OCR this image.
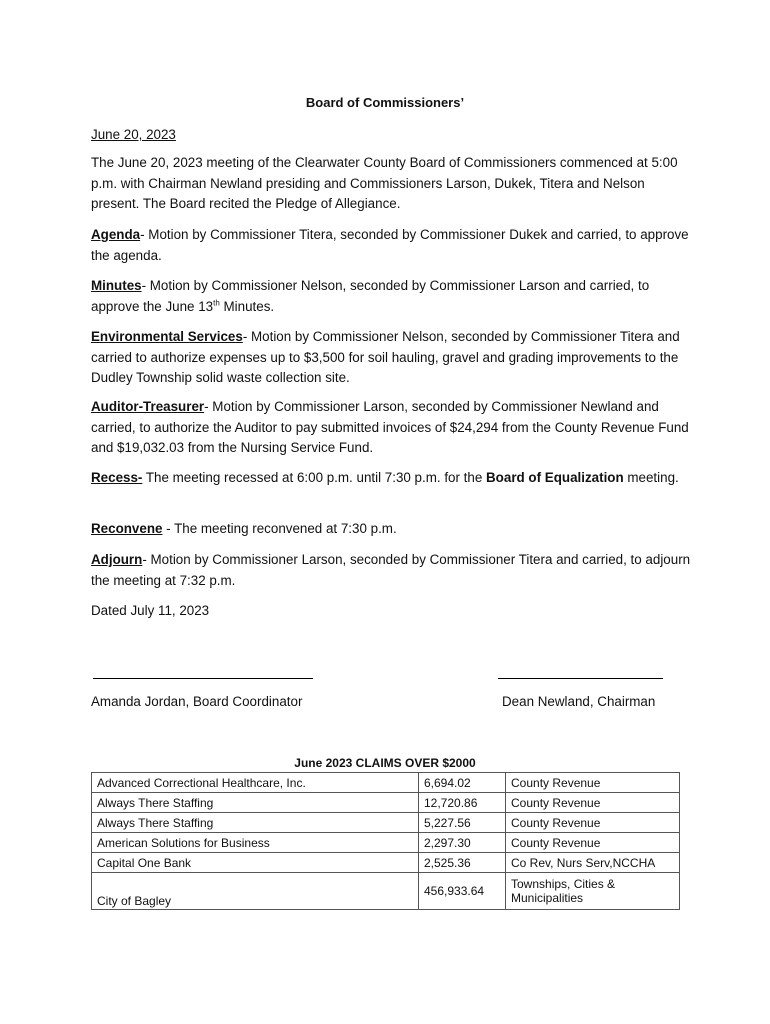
Board of Commissioners’
June 20, 2023
The June 20, 2023 meeting of the Clearwater County Board of Commissioners commenced at 5:00 p.m. with Chairman Newland presiding and Commissioners Larson, Dukek, Titera and Nelson present. The Board recited the Pledge of Allegiance.
Agenda- Motion by Commissioner Titera, seconded by Commissioner Dukek and carried, to approve the agenda.
Minutes- Motion by Commissioner Nelson, seconded by Commissioner Larson and carried, to approve the June 13th Minutes.
Environmental Services- Motion by Commissioner Nelson, seconded by Commissioner Titera and carried to authorize expenses up to $3,500 for soil hauling, gravel and grading improvements to the Dudley Township solid waste collection site.
Auditor-Treasurer- Motion by Commissioner Larson, seconded by Commissioner Newland and carried, to authorize the Auditor to pay submitted invoices of $24,294 from the County Revenue Fund and $19,032.03 from the Nursing Service Fund.
Recess- The meeting recessed at 6:00 p.m. until 7:30 p.m. for the Board of Equalization meeting.
Reconvene - The meeting reconvened at 7:30 p.m.
Adjourn- Motion by Commissioner Larson, seconded by Commissioner Titera and carried, to adjourn the meeting at 7:32 p.m.
Dated July 11, 2023
Amanda Jordan, Board Coordinator	Dean Newland, Chairman
June 2023 CLAIMS OVER $2000
Advanced Correctional Healthcare, Inc.	6,694.02	County Revenue
Always There Staffing	12,720.86	County Revenue
Always There Staffing	5,227.56	County Revenue
American Solutions for Business	2,297.30	County Revenue
Capital One Bank	2,525.36	Co Rev, Nurs Serv,NCCHA
City of Bagley	456,933.64	Townships, Cities & Municipalities
